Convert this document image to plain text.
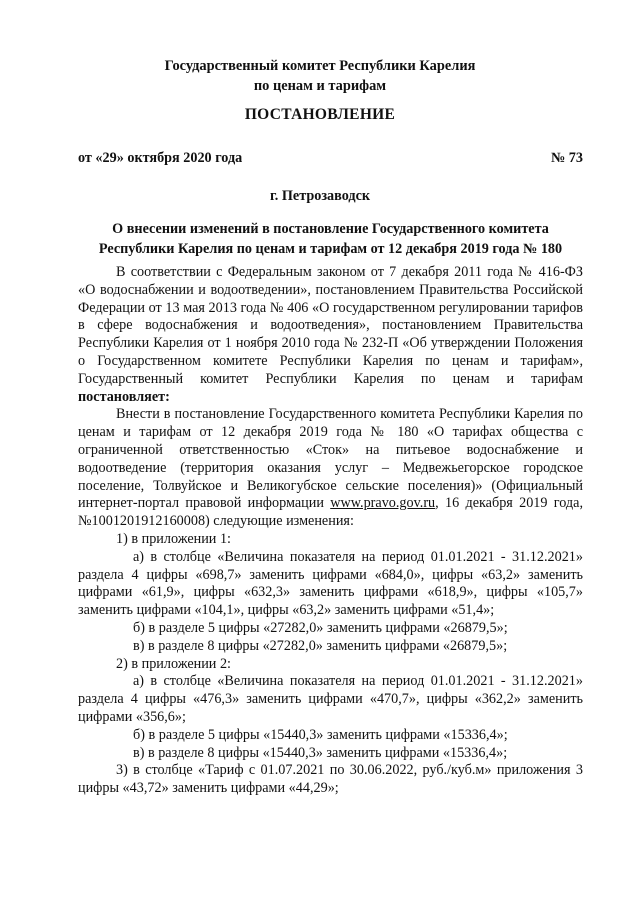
Государственный комитет Республики Карелия
по ценам и тарифам
ПОСТАНОВЛЕНИЕ
от «29» октября 2020 года	№ 73
г. Петрозаводск
О внесении изменений в постановление Государственного комитета
Республики Карелия по ценам и тарифам от 12 декабря 2019 года № 180

В соответствии с Федеральным законом от 7 декабря 2011 года № 416-ФЗ «О водоснабжении и водоотведении», постановлением Правительства Российской Федерации от 13 мая 2013 года № 406 «О государственном регулировании тарифов в сфере водоснабжения и водоотведения», постановлением Правительства Республики Карелия от 1 ноября 2010 года № 232-П «Об утверждении Положения о Государственном комитете Республики Карелия по ценам и тарифам», Государственный комитет Республики Карелия по ценам и тарифам постановляет:

Внести в постановление Государственного комитета Республики Карелия по ценам и тарифам от 12 декабря 2019 года № 180 «О тарифах общества с ограниченной ответственностью «Сток» на питьевое водоснабжение и водоотведение (территория оказания услуг – Медвежьегорское городское поселение, Толвуйское и Великогубское сельские поселения)» (Официальный интернет-портал правовой информации www.pravo.gov.ru, 16 декабря 2019 года, №1001201912160008) следующие изменения:

1) в приложении 1:

а) в столбце «Величина показателя на период 01.01.2021 - 31.12.2021» раздела 4 цифры «698,7» заменить цифрами «684,0», цифры «63,2» заменить цифрами «61,9», цифры «632,3» заменить цифрами «618,9», цифры «105,7» заменить цифрами «104,1», цифры «63,2» заменить цифрами «51,4»;

б) в разделе 5 цифры «27282,0» заменить цифрами «26879,5»;

в) в разделе 8 цифры «27282,0» заменить цифрами «26879,5»;

2) в приложении 2:

а) в столбце «Величина показателя на период 01.01.2021 - 31.12.2021» раздела 4 цифры «476,3» заменить цифрами «470,7», цифры «362,2» заменить цифрами «356,6»;

б) в разделе 5 цифры «15440,3» заменить цифрами «15336,4»;

в) в разделе 8 цифры «15440,3» заменить цифрами «15336,4»;

3) в столбце «Тариф с 01.07.2021 по 30.06.2022, руб./куб.м» приложения 3 цифры «43,72» заменить цифрами «44,29»;
